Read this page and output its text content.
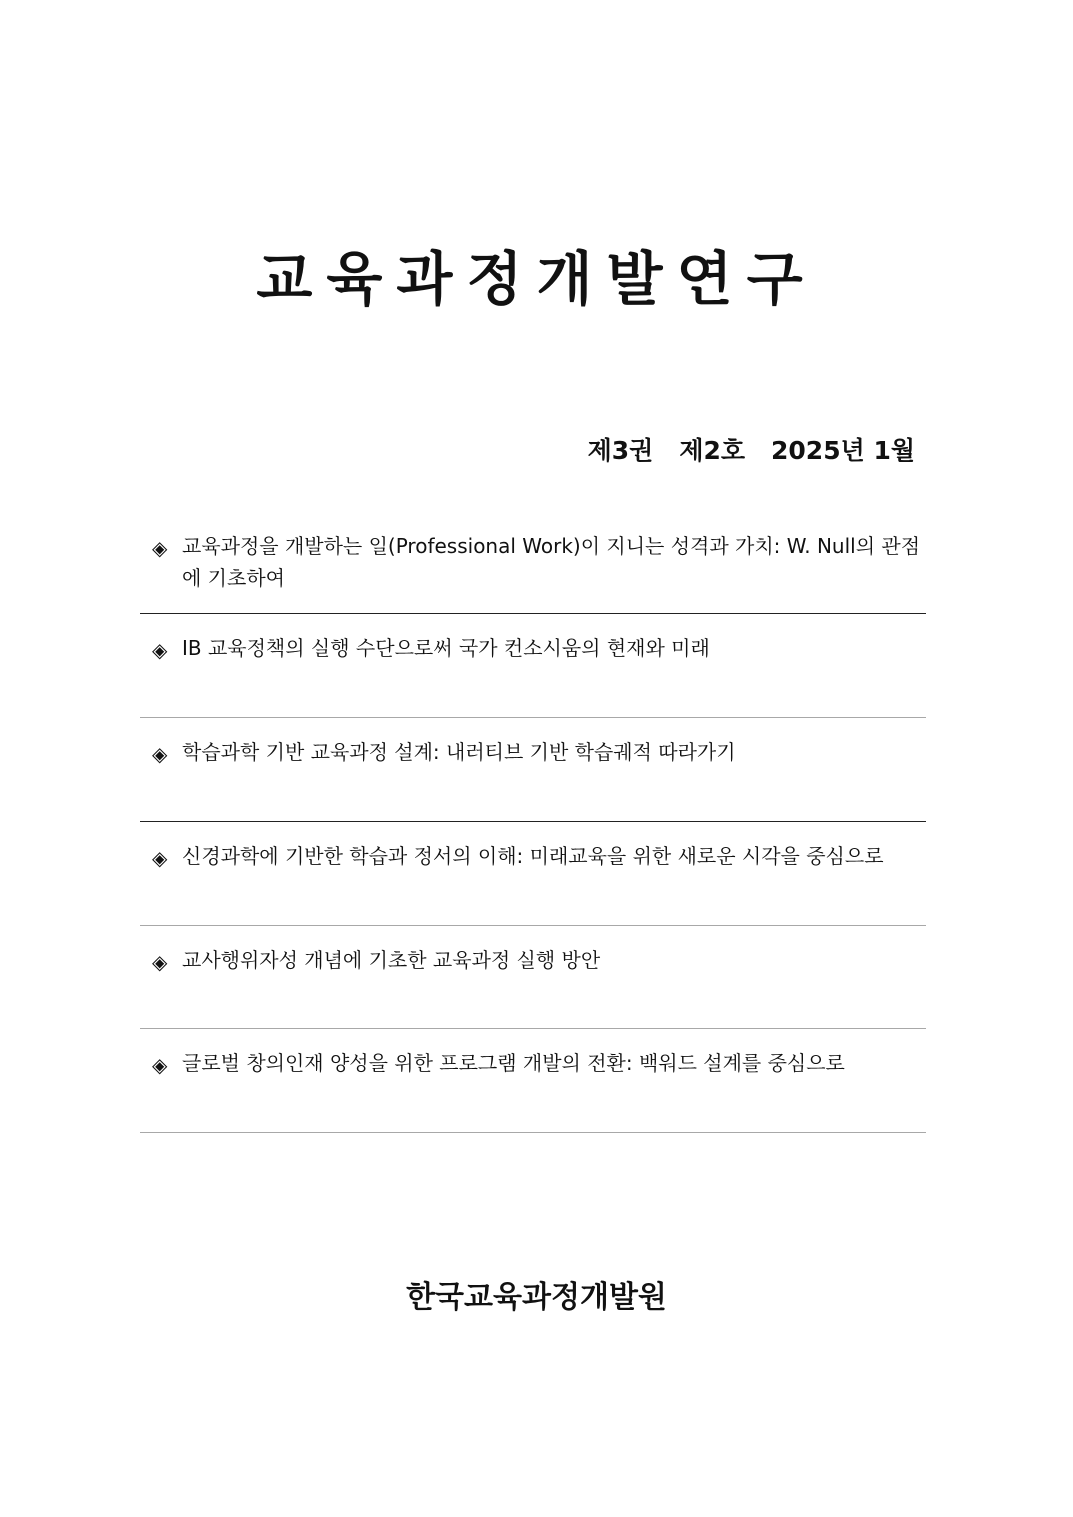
교육과정개발연구
제3권 제2호 2025년 1월
◈ 교육과정을 개발하는 일(Professional Work)이 지니는 성격과 가치: W. Null의 관점에 기초하여
◈ IB 교육정책의 실행 수단으로써 국가 컨소시움의 현재와 미래
◈ 학습과학 기반 교육과정 설계: 내러티브 기반 학습궤적 따라가기
◈ 신경과학에 기반한 학습과 정서의 이해: 미래교육을 위한 새로운 시각을 중심으로
◈ 교사행위자성 개념에 기초한 교육과정 실행 방안
◈ 글로벌 창의인재 양성을 위한 프로그램 개발의 전환: 백워드 설계를 중심으로
한국교육과정개발원
